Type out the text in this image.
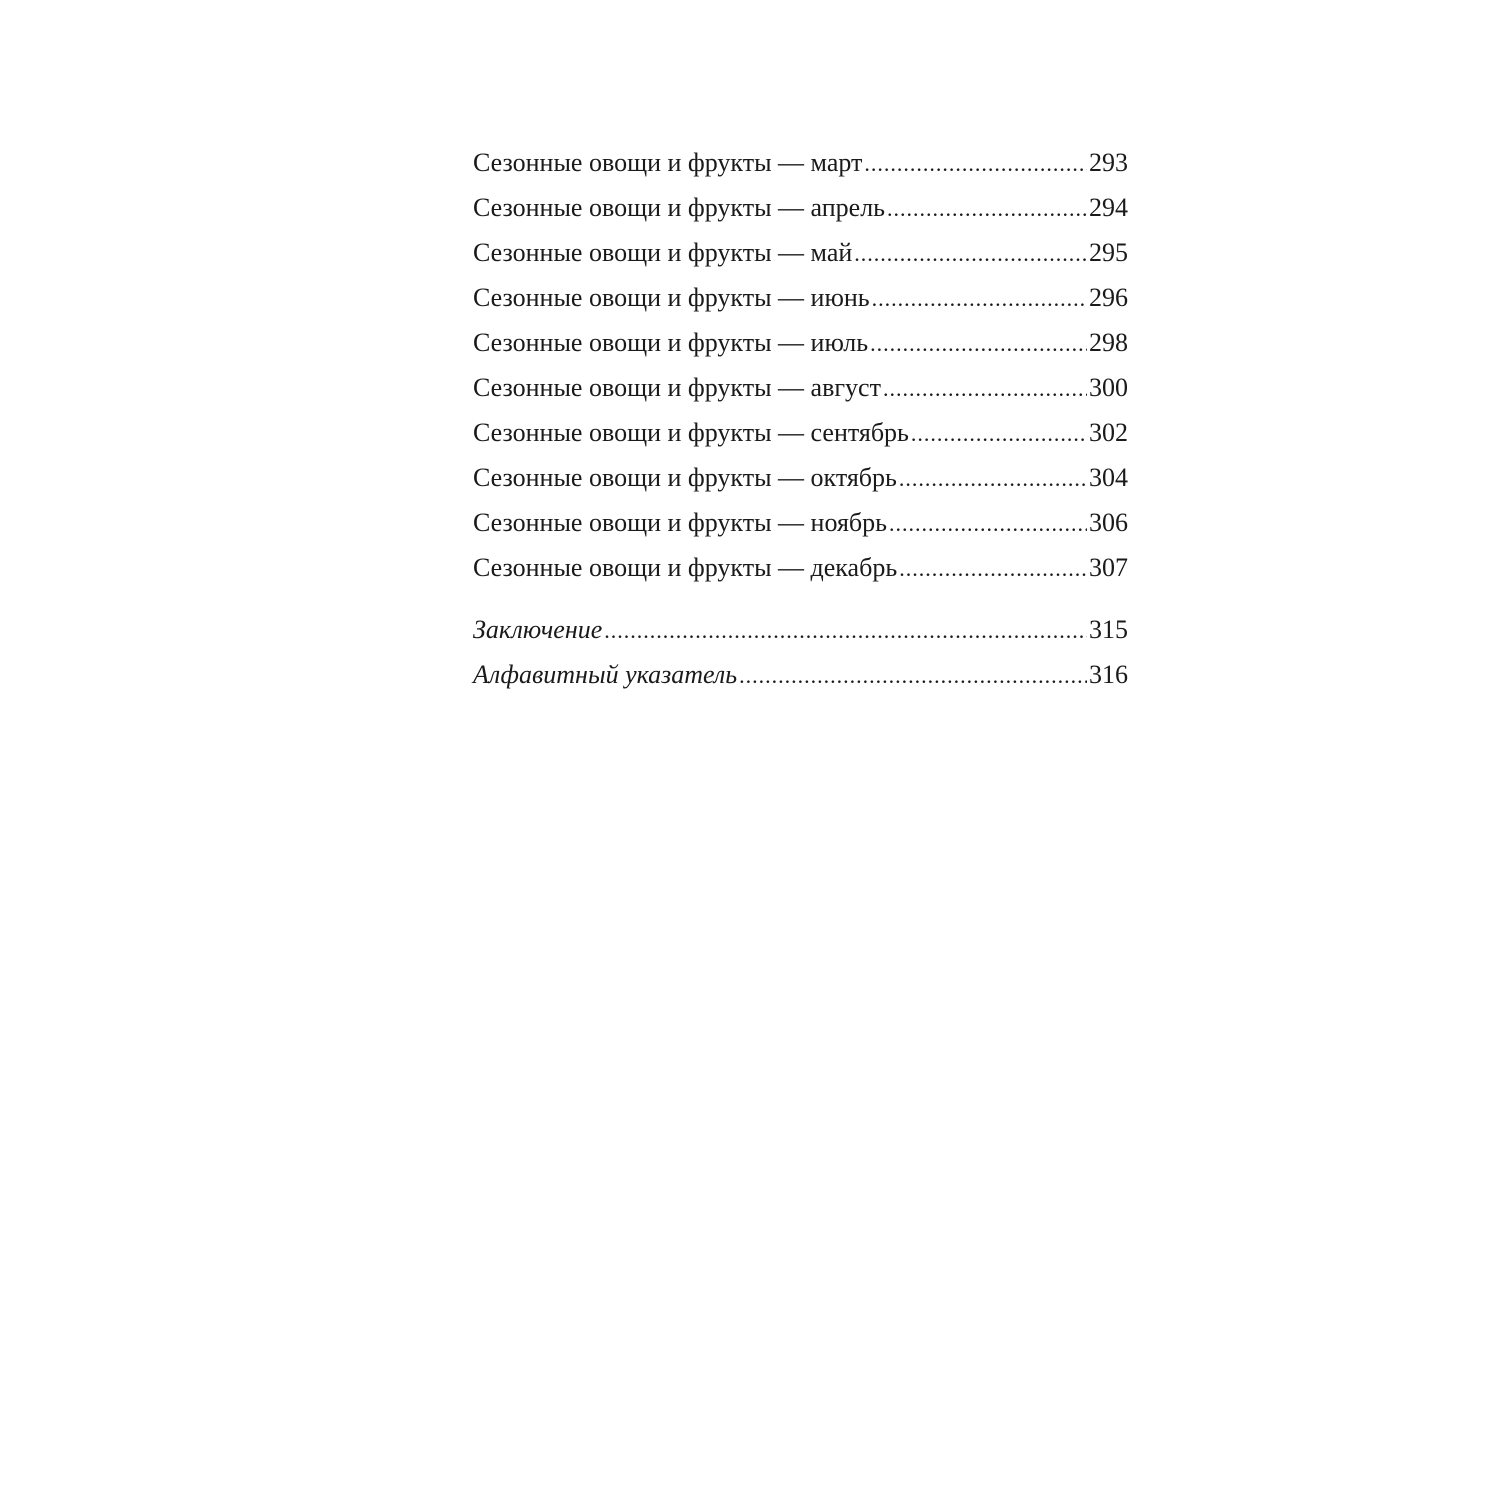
Сезонные овощи и фрукты — март .....	293
Сезонные овощи и фрукты — апрель .....	294
Сезонные овощи и фрукты — май .....	295
Сезонные овощи и фрукты — июнь .....	296
Сезонные овощи и фрукты — июль .....	298
Сезонные овощи и фрукты — август .....	300
Сезонные овощи и фрукты — сентябрь .....	302
Сезонные овощи и фрукты — октябрь .....	304
Сезонные овощи и фрукты — ноябрь .....	306
Сезонные овощи и фрукты — декабрь .....	307
Заключение .....	315
Алфавитный указатель .....	316
